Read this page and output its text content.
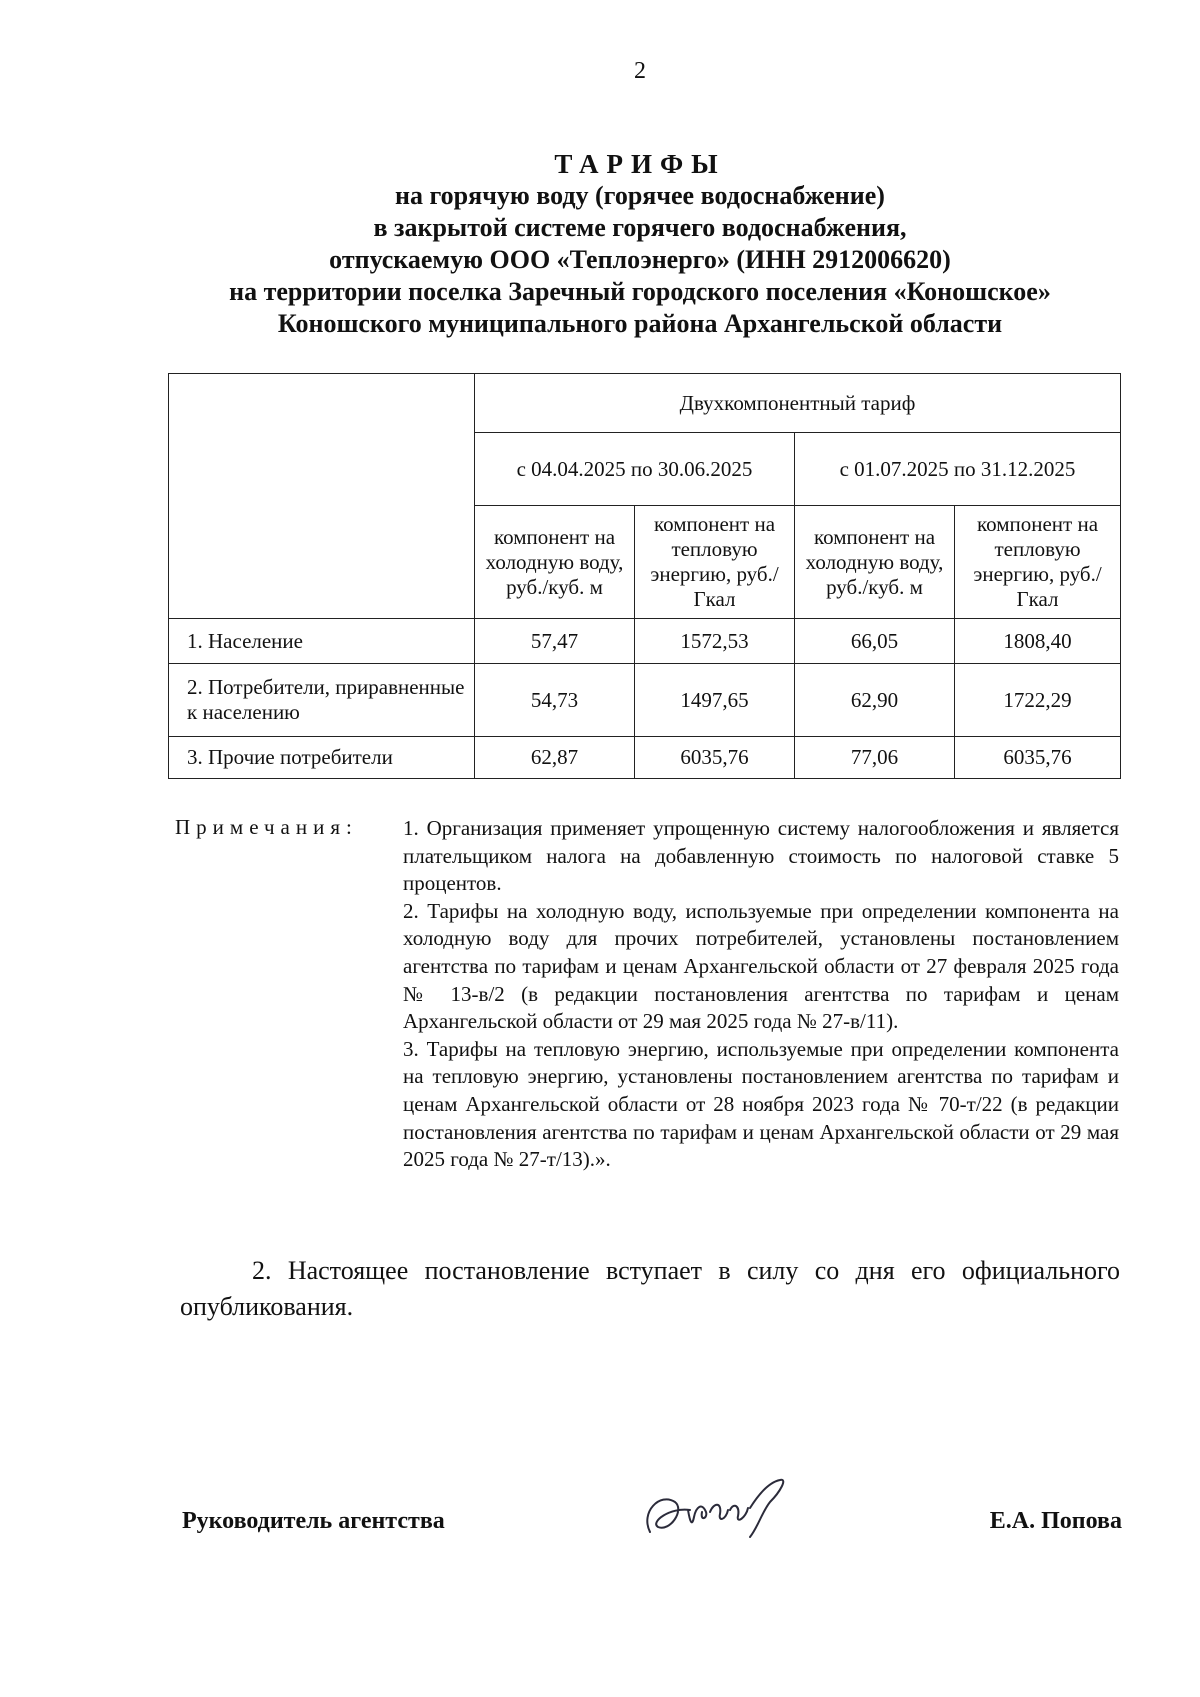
2
ТАРИФЫ
на горячую воду (горячее водоснабжение)
в закрытой системе горячего водоснабжения,
отпускаемую ООО «Теплоэнерго» (ИНН 2912006620)
на территории поселка Заречный городского поселения «Коношское»
Коношского муниципального района Архангельской области
	Двухкомпонентный тариф			
	с 04.04.2025 по 30.06.2025		с 01.07.2025 по 31.12.2025	
	компонент на холодную воду, руб./куб. м	компонент на тепловую энергию, руб./Гкал	компонент на холодную воду, руб./куб. м	компонент на тепловую энергию, руб./Гкал
1. Население	57,47	1572,53	66,05	1808,40
2. Потребители, приравненные к населению	54,73	1497,65	62,90	1722,29
3. Прочие потребители	62,87	6035,76	77,06	6035,76
Примечания: 1. Организация применяет упрощенную систему налогообложения и является плательщиком налога на добавленную стоимость по налоговой ставке 5 процентов.

2. Тарифы на холодную воду, используемые при определении компонента на холодную воду для прочих потребителей, установлены постановлением агентства по тарифам и ценам Архангельской области от 27 февраля 2025 года № 13-в/2 (в редакции постановления агентства по тарифам и ценам Архангельской области от 29 мая 2025 года № 27-в/11).

3. Тарифы на тепловую энергию, используемые при определении компонента на тепловую энергию, установлены постановлением агентства по тарифам и ценам Архангельской области от 28 ноября 2023 года № 70-т/22 (в редакции постановления агентства по тарифам и ценам Архангельской области от 29 мая 2025 года № 27-т/13).».

2. Настоящее постановление вступает в силу со дня его официального опубликования.
Руководитель агентства	Е.А. Попова
